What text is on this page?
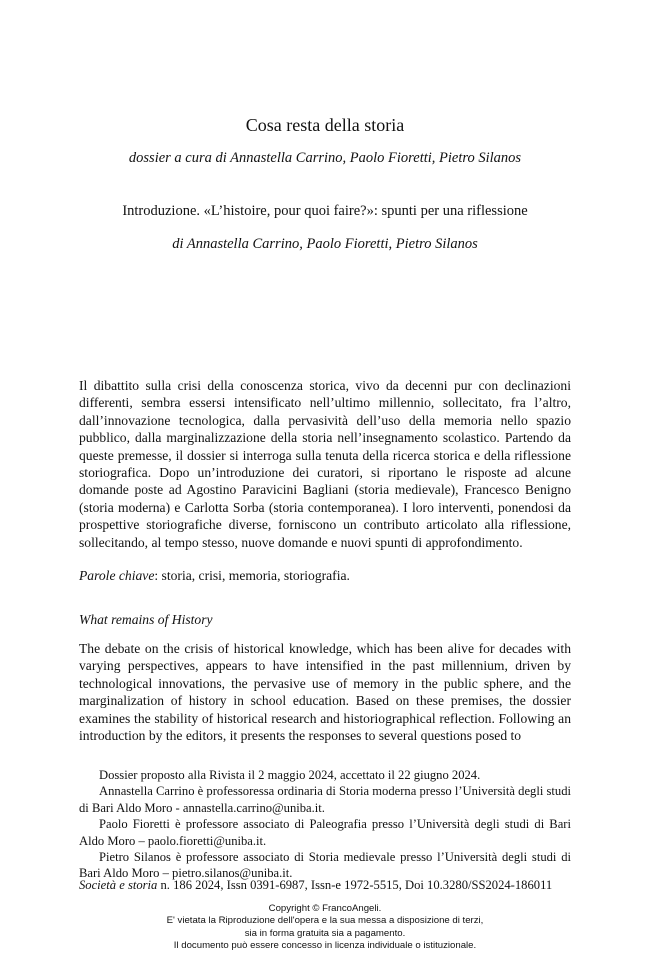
Cosa resta della storia
dossier a cura di Annastella Carrino, Paolo Fioretti, Pietro Silanos
Introduzione. «L’histoire, pour quoi faire?»: spunti per una riflessione
di Annastella Carrino, Paolo Fioretti, Pietro Silanos
Il dibattito sulla crisi della conoscenza storica, vivo da decenni pur con declinazioni differenti, sembra essersi intensificato nell’ultimo millennio, sollecitato, fra l’altro, dall’innovazione tecnologica, dalla pervasività dell’uso della memoria nello spazio pubblico, dalla marginalizzazione della storia nell’insegnamento scolastico. Partendo da queste premesse, il dossier si interroga sulla tenuta della ricerca storica e della riflessione storiografica. Dopo un’introduzione dei curatori, si riportano le risposte ad alcune domande poste ad Agostino Paravicini Bagliani (storia medievale), Francesco Benigno (storia moderna) e Carlotta Sorba (storia contemporanea). I loro interventi, ponendosi da prospettive storiografiche diverse, forniscono un contributo articolato alla riflessione, sollecitando, al tempo stesso, nuove domande e nuovi spunti di approfondimento.
Parole chiave: storia, crisi, memoria, storiografia.
What remains of History
The debate on the crisis of historical knowledge, which has been alive for decades with varying perspectives, appears to have intensified in the past millennium, driven by technological innovations, the pervasive use of memory in the public sphere, and the marginalization of history in school education. Based on these premises, the dossier examines the stability of historical research and historiographical reflection. Following an introduction by the editors, it presents the responses to several questions posed to

Dossier proposto alla Rivista il 2 maggio 2024, accettato il 22 giugno 2024.

Annastella Carrino è professoressa ordinaria di Storia moderna presso l’Università degli studi di Bari Aldo Moro - annastella.carrino@uniba.it.

Paolo Fioretti è professore associato di Paleografia presso l’Università degli studi di Bari Aldo Moro – paolo.fioretti@uniba.it.

Pietro Silanos è professore associato di Storia medievale presso l’Università degli studi di Bari Aldo Moro – pietro.silanos@uniba.it.

Società e storia n. 186 2024, Issn 0391-6987, Issn-e 1972-5515, Doi 10.3280/SS2024-186011
Copyright © FrancoAngeli.
E' vietata la Riproduzione dell'opera e la sua messa a disposizione di terzi,
sia in forma gratuita sia a pagamento.
Il documento può essere concesso in licenza individuale o istituzionale.
